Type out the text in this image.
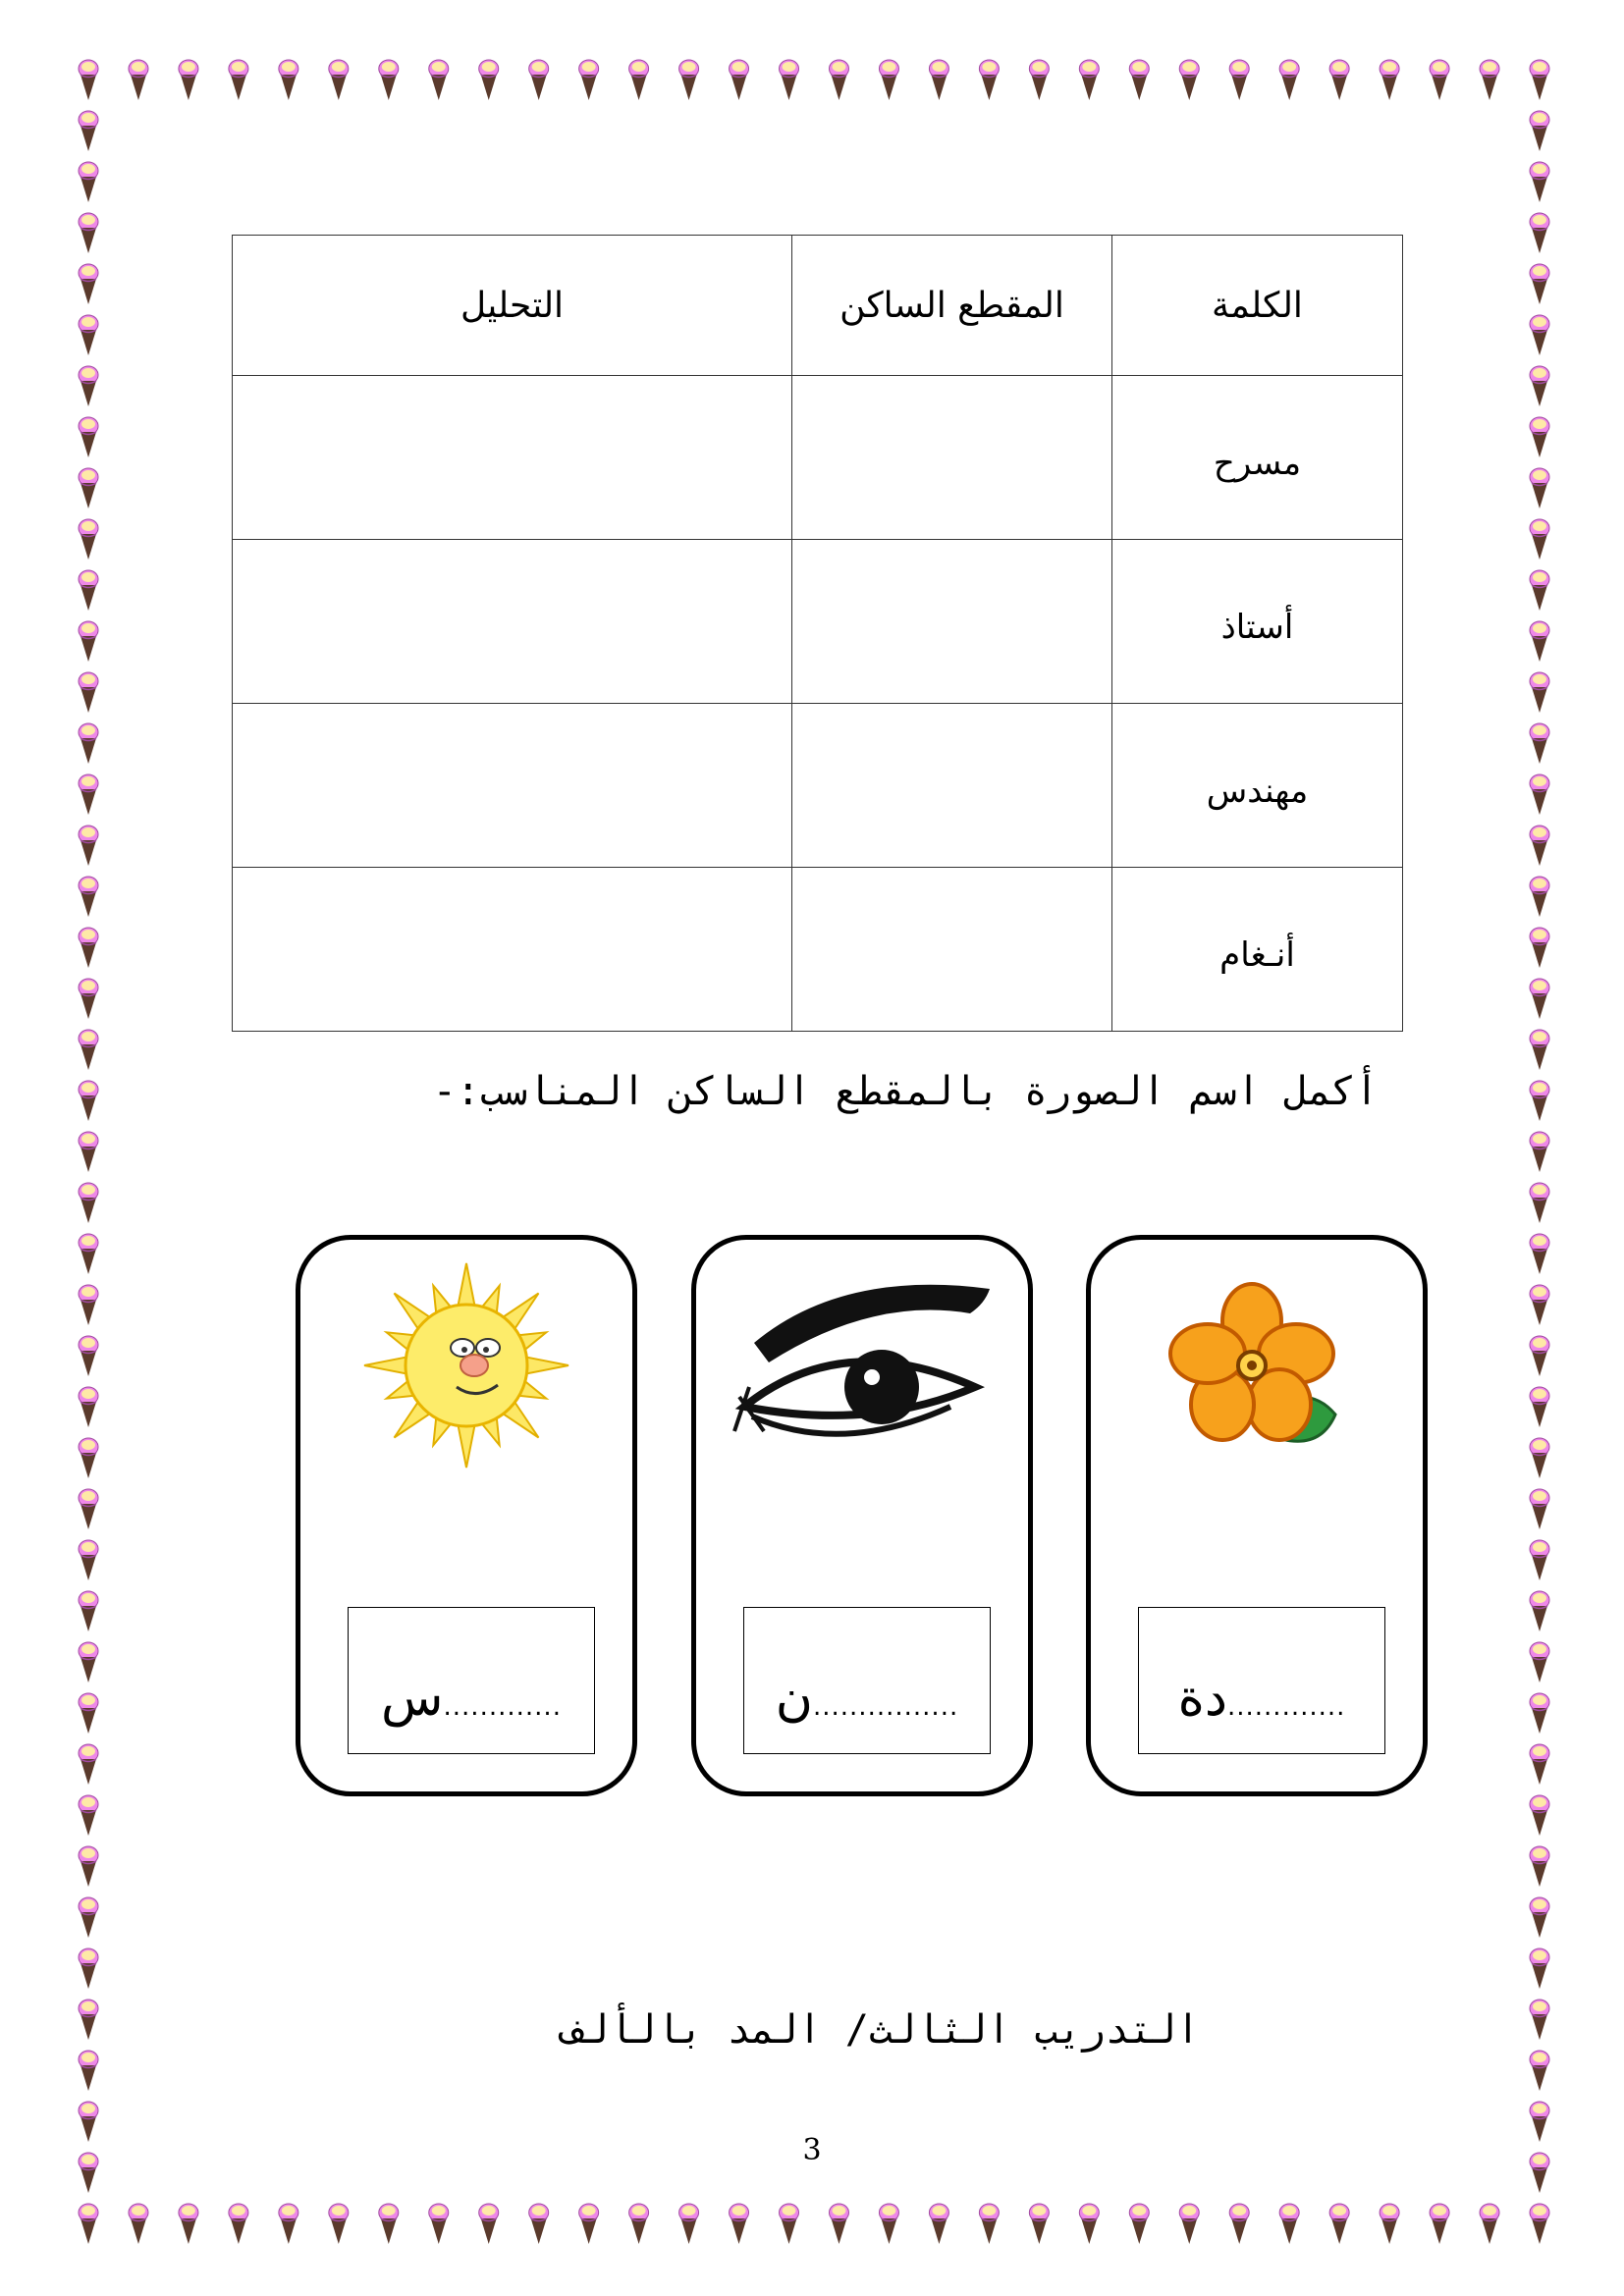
الكلمة	المقطع الساكن	التحليل
مسرح		
أستاذ		
مهندس		
أنـغام		
أكمل اسم الصورة بالمقطع الساكن المناسب:-
.............
دة
................
ن
.............
س
التدريب الثالث/ المد بالألف
3
